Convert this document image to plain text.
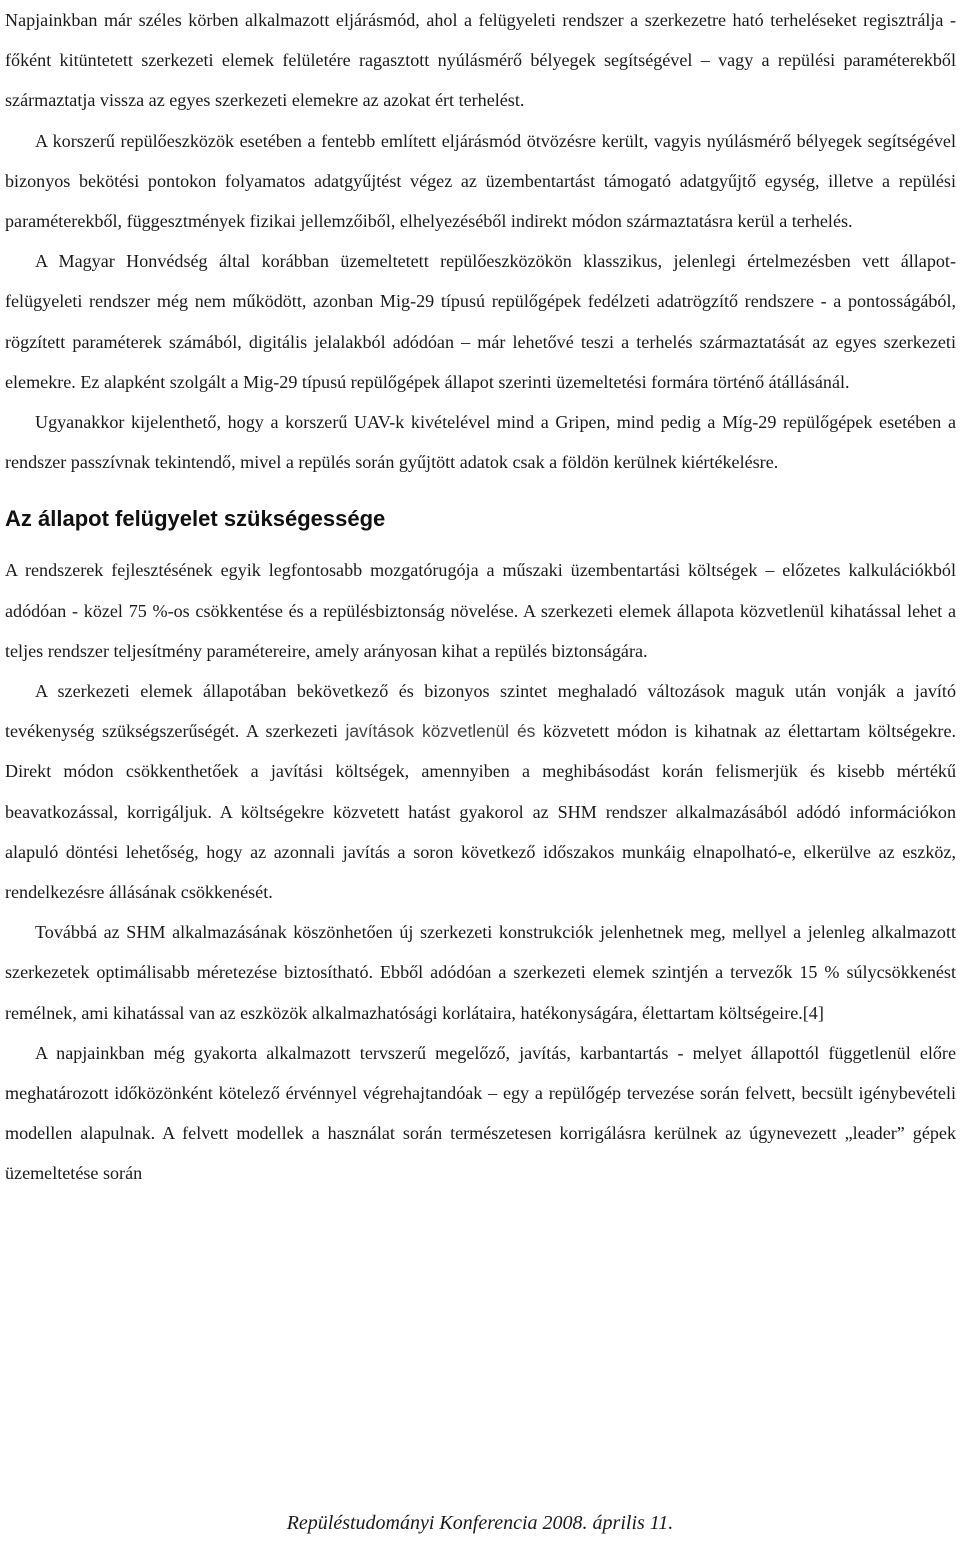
Napjainkban már széles körben alkalmazott eljárásmód, ahol a felügyeleti rendszer a szerkezetre ható terheléseket regisztrálja - főként kitüntetett szerkezeti elemek felületére ragasztott nyúlásmérő bélyegek segítségével – vagy a repülési paraméterekből származtatja vissza az egyes szerkezeti elemekre az azokat ért terhelést.

A korszerű repülőeszközök esetében a fentebb említett eljárásmód ötvözésre került, vagyis nyúlásmérő bélyegek segítségével bizonyos bekötési pontokon folyamatos adatgyűjtést végez az üzembentartást támogató adatgyűjtő egység, illetve a repülési paraméterekből, függesztmények fizikai jellemzőiből, elhelyezéséből indirekt módon származtatásra kerül a terhelés.

A Magyar Honvédség által korábban üzemeltetett repülőeszközökön klasszikus, jelenlegi értelmezésben vett állapot-felügyeleti rendszer még nem működött, azonban Mig-29 típusú repülőgépek fedélzeti adatrögzítő rendszere - a pontosságából, rögzített paraméterek számából, digitális jelalakból adódóan – már lehetővé teszi a terhelés származtatását az egyes szerkezeti elemekre. Ez alapként szolgált a Mig-29 típusú repülőgépek állapot szerinti üzemeltetési formára történő átállásánál.

Ugyanakkor kijelenthető, hogy a korszerű UAV-k kivételével mind a Gripen, mind pedig a Míg-29 repülőgépek esetében a rendszer passzívnak tekintendő, mivel a repülés során gyűjtött adatok csak a földön kerülnek kiértékelésre.

Az állapot felügyelet szükségessége

A rendszerek fejlesztésének egyik legfontosabb mozgatórugója a műszaki üzembentartási költségek – előzetes kalkulációkból adódóan - közel 75 %-os csökkentése és a repülésbiztonság növelése. A szerkezeti elemek állapota közvetlenül kihatással lehet a teljes rendszer teljesítmény paramétereire, amely arányosan kihat a repülés biztonságára.

A szerkezeti elemek állapotában bekövetkező és bizonyos szintet meghaladó változások maguk után vonják a javító tevékenység szükségszerűségét. A szerkezeti javítások közvetlenül és közvetett módon is kihatnak az élettartam költségekre. Direkt módon csökkenthetőek a javítási költségek, amennyiben a meghibásodást korán felismerjük és kisebb mértékű beavatkozással, korrigáljuk. A költségekre közvetett hatást gyakorol az SHM rendszer alkalmazásából adódó információkon alapuló döntési lehetőség, hogy az azonnali javítás a soron következő időszakos munkáig elnapolható-e, elkerülve az eszköz, rendelkezésre állásának csökkenését.

Továbbá az SHM alkalmazásának köszönhetően új szerkezeti konstrukciók jelenhetnek meg, mellyel a jelenleg alkalmazott szerkezetek optimálisabb méretezése biztosítható. Ebből adódóan a szerkezeti elemek szintjén a tervezők 15 % súlycsökkenést remélnek, ami kihatással van az eszközök alkalmazhatósági korlátaira, hatékonyságára, élettartam költségeire.[4]

A napjainkban még gyakorta alkalmazott tervszerű megelőző, javítás, karbantartás - melyet állapottól függetlenül előre meghatározott időközönként kötelező érvénnyel végrehajtandóak – egy a repülőgép tervezése során felvett, becsült igénybevételi modellen alapulnak. A felvett modellek a használat során természetesen korrigálásra kerülnek az úgynevezett „leader” gépek üzemeltetése során

Repüléstudományi Konferencia 2008. április 11.
